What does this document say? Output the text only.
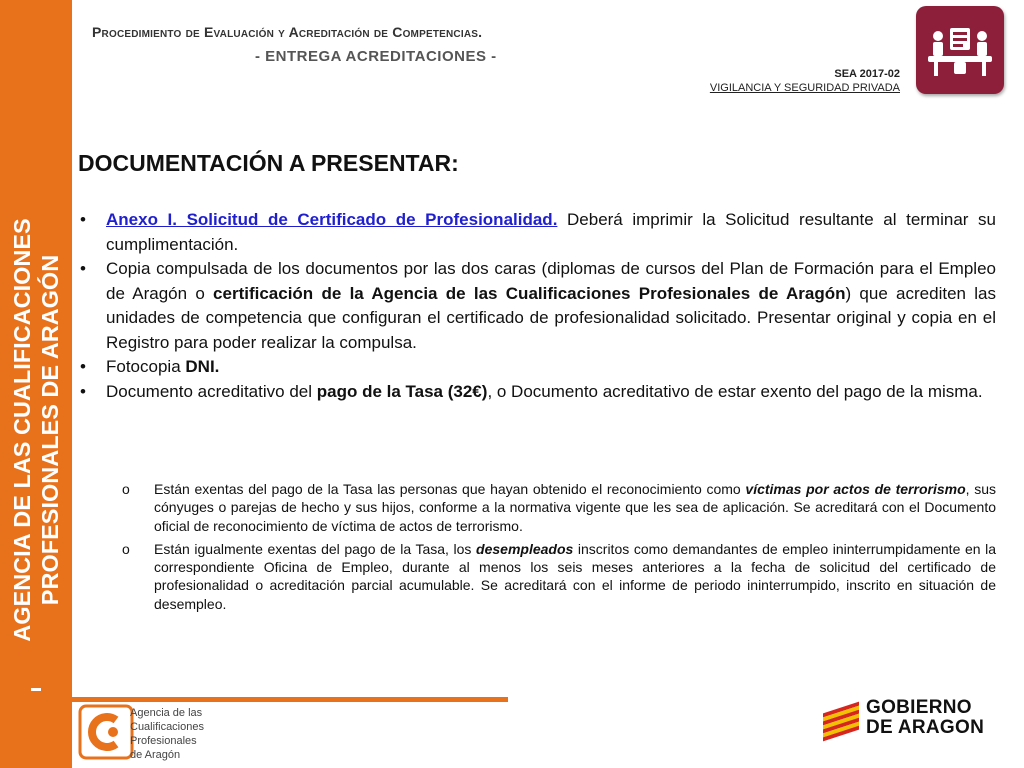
AGENCIA DE LAS CUALIFICACIONES PROFESIONALES DE ARAGÓN
Procedimiento de Evaluación y Acreditación de Competencias.
- ENTREGA ACREDITACIONES -
SEA 2017-02
VIGILANCIA Y SEGURIDAD PRIVADA
DOCUMENTACIÓN A PRESENTAR:
• Anexo I. Solicitud de Certificado de Profesionalidad. Deberá imprimir la Solicitud resultante al terminar su cumplimentación.
• Copia compulsada de los documentos por las dos caras (diplomas de cursos del Plan de Formación para el Empleo de Aragón o certificación de la Agencia de las Cualificaciones Profesionales de Aragón) que acrediten las unidades de competencia que configuran el certificado de profesionalidad solicitado. Presentar original y copia en el Registro para poder realizar la compulsa.
• Fotocopia DNI.
• Documento acreditativo del pago de la Tasa (32€), o Documento acreditativo de estar exento del pago de la misma.
o Están exentas del pago de la Tasa las personas que hayan obtenido el reconocimiento como víctimas por actos de terrorismo, sus cónyuges o parejas de hecho y sus hijos, conforme a la normativa vigente que les sea de aplicación. Se acreditará con el Documento oficial de reconocimiento de víctima de actos de terrorismo.
o Están igualmente exentas del pago de la Tasa, los desempleados inscritos como demandantes de empleo ininterrumpidamente en la correspondiente Oficina de Empleo, durante al menos los seis meses anteriores a la fecha de solicitud del certificado de profesionalidad o acreditación parcial acumulable. Se acreditará con el informe de periodo ininterrumpido, inscrito en situación de desempleo.
Agencia de las
Cualificaciones
Profesionales
de Aragón
GOBIERNO
DE ARAGON
